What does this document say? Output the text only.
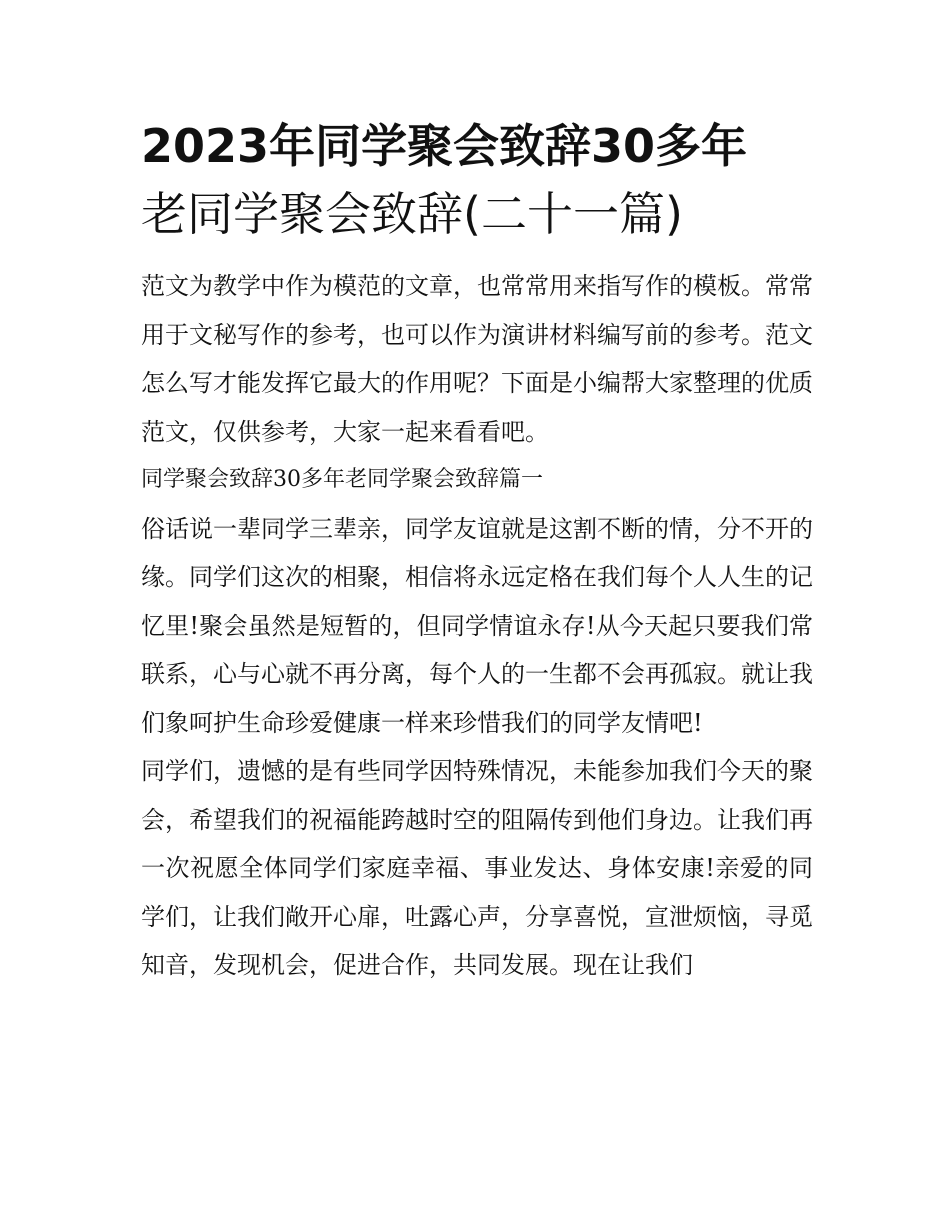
2023年同学聚会致辞30多年
老同学聚会致辞(二十一篇)

范文为教学中作为模范的文章，也常常用来指写作的模板。常常用于文秘写作的参考，也可以作为演讲材料编写前的参考。范文怎么写才能发挥它最大的作用呢？下面是小编帮大家整理的优质范文，仅供参考，大家一起来看看吧。

同学聚会致辞30多年老同学聚会致辞篇一

俗话说一辈同学三辈亲，同学友谊就是这割不断的情，分不开的缘。同学们这次的相聚，相信将永远定格在我们每个人人生的记忆里!聚会虽然是短暂的，但同学情谊永存!从今天起只要我们常联系，心与心就不再分离，每个人的一生都不会再孤寂。就让我们象呵护生命珍爱健康一样来珍惜我们的同学友情吧!

同学们，遗憾的是有些同学因特殊情况，未能参加我们今天的聚会，希望我们的祝福能跨越时空的阻隔传到他们身边。让我们再一次祝愿全体同学们家庭幸福、事业发达、身体安康!亲爱的同学们，让我们敞开心扉，吐露心声，分享喜悦，宣泄烦恼，寻觅知音，发现机会，促进合作，共同发展。现在让我们
